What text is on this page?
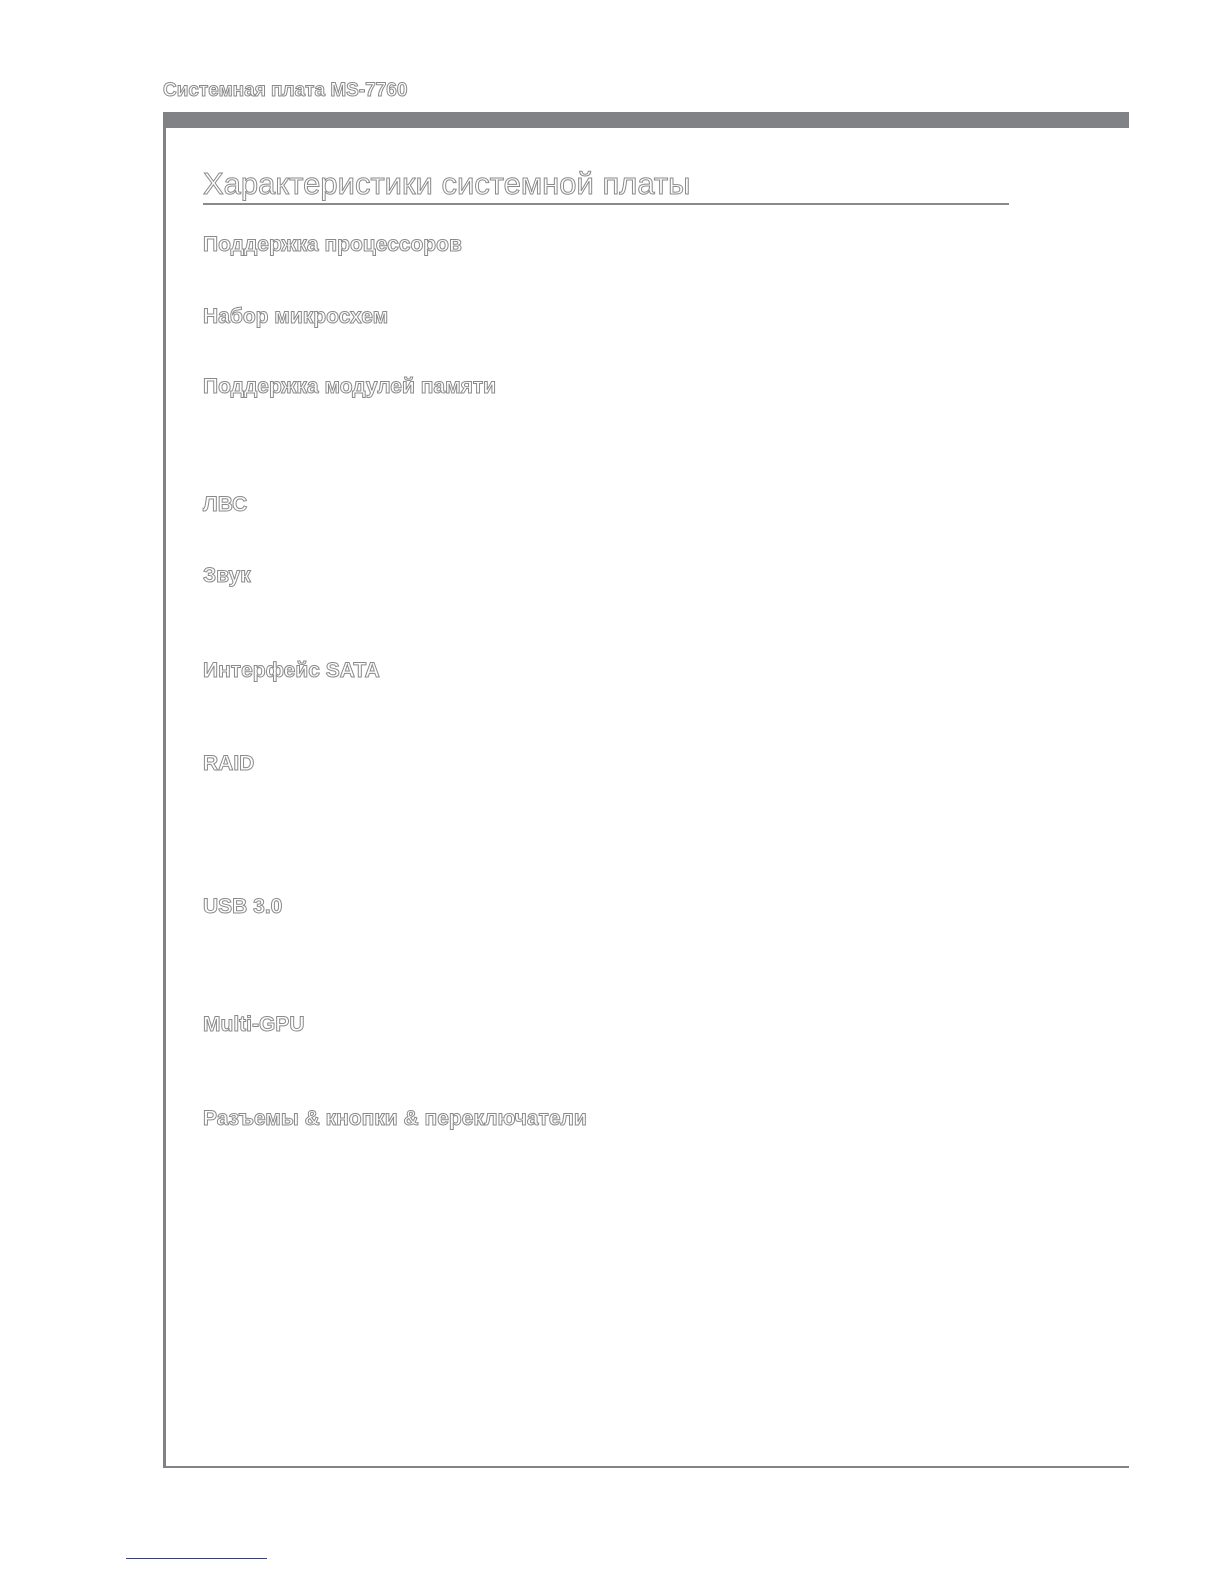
Системная плата MS-7760
Характеристики системной платы
Поддержка процессоров
Набор микросхем
Поддержка модулей памяти
ЛВС
Звук
Интерфейс SATA
RAID
USB 3.0
Multi-GPU
Разъемы & кнопки & переключатели
